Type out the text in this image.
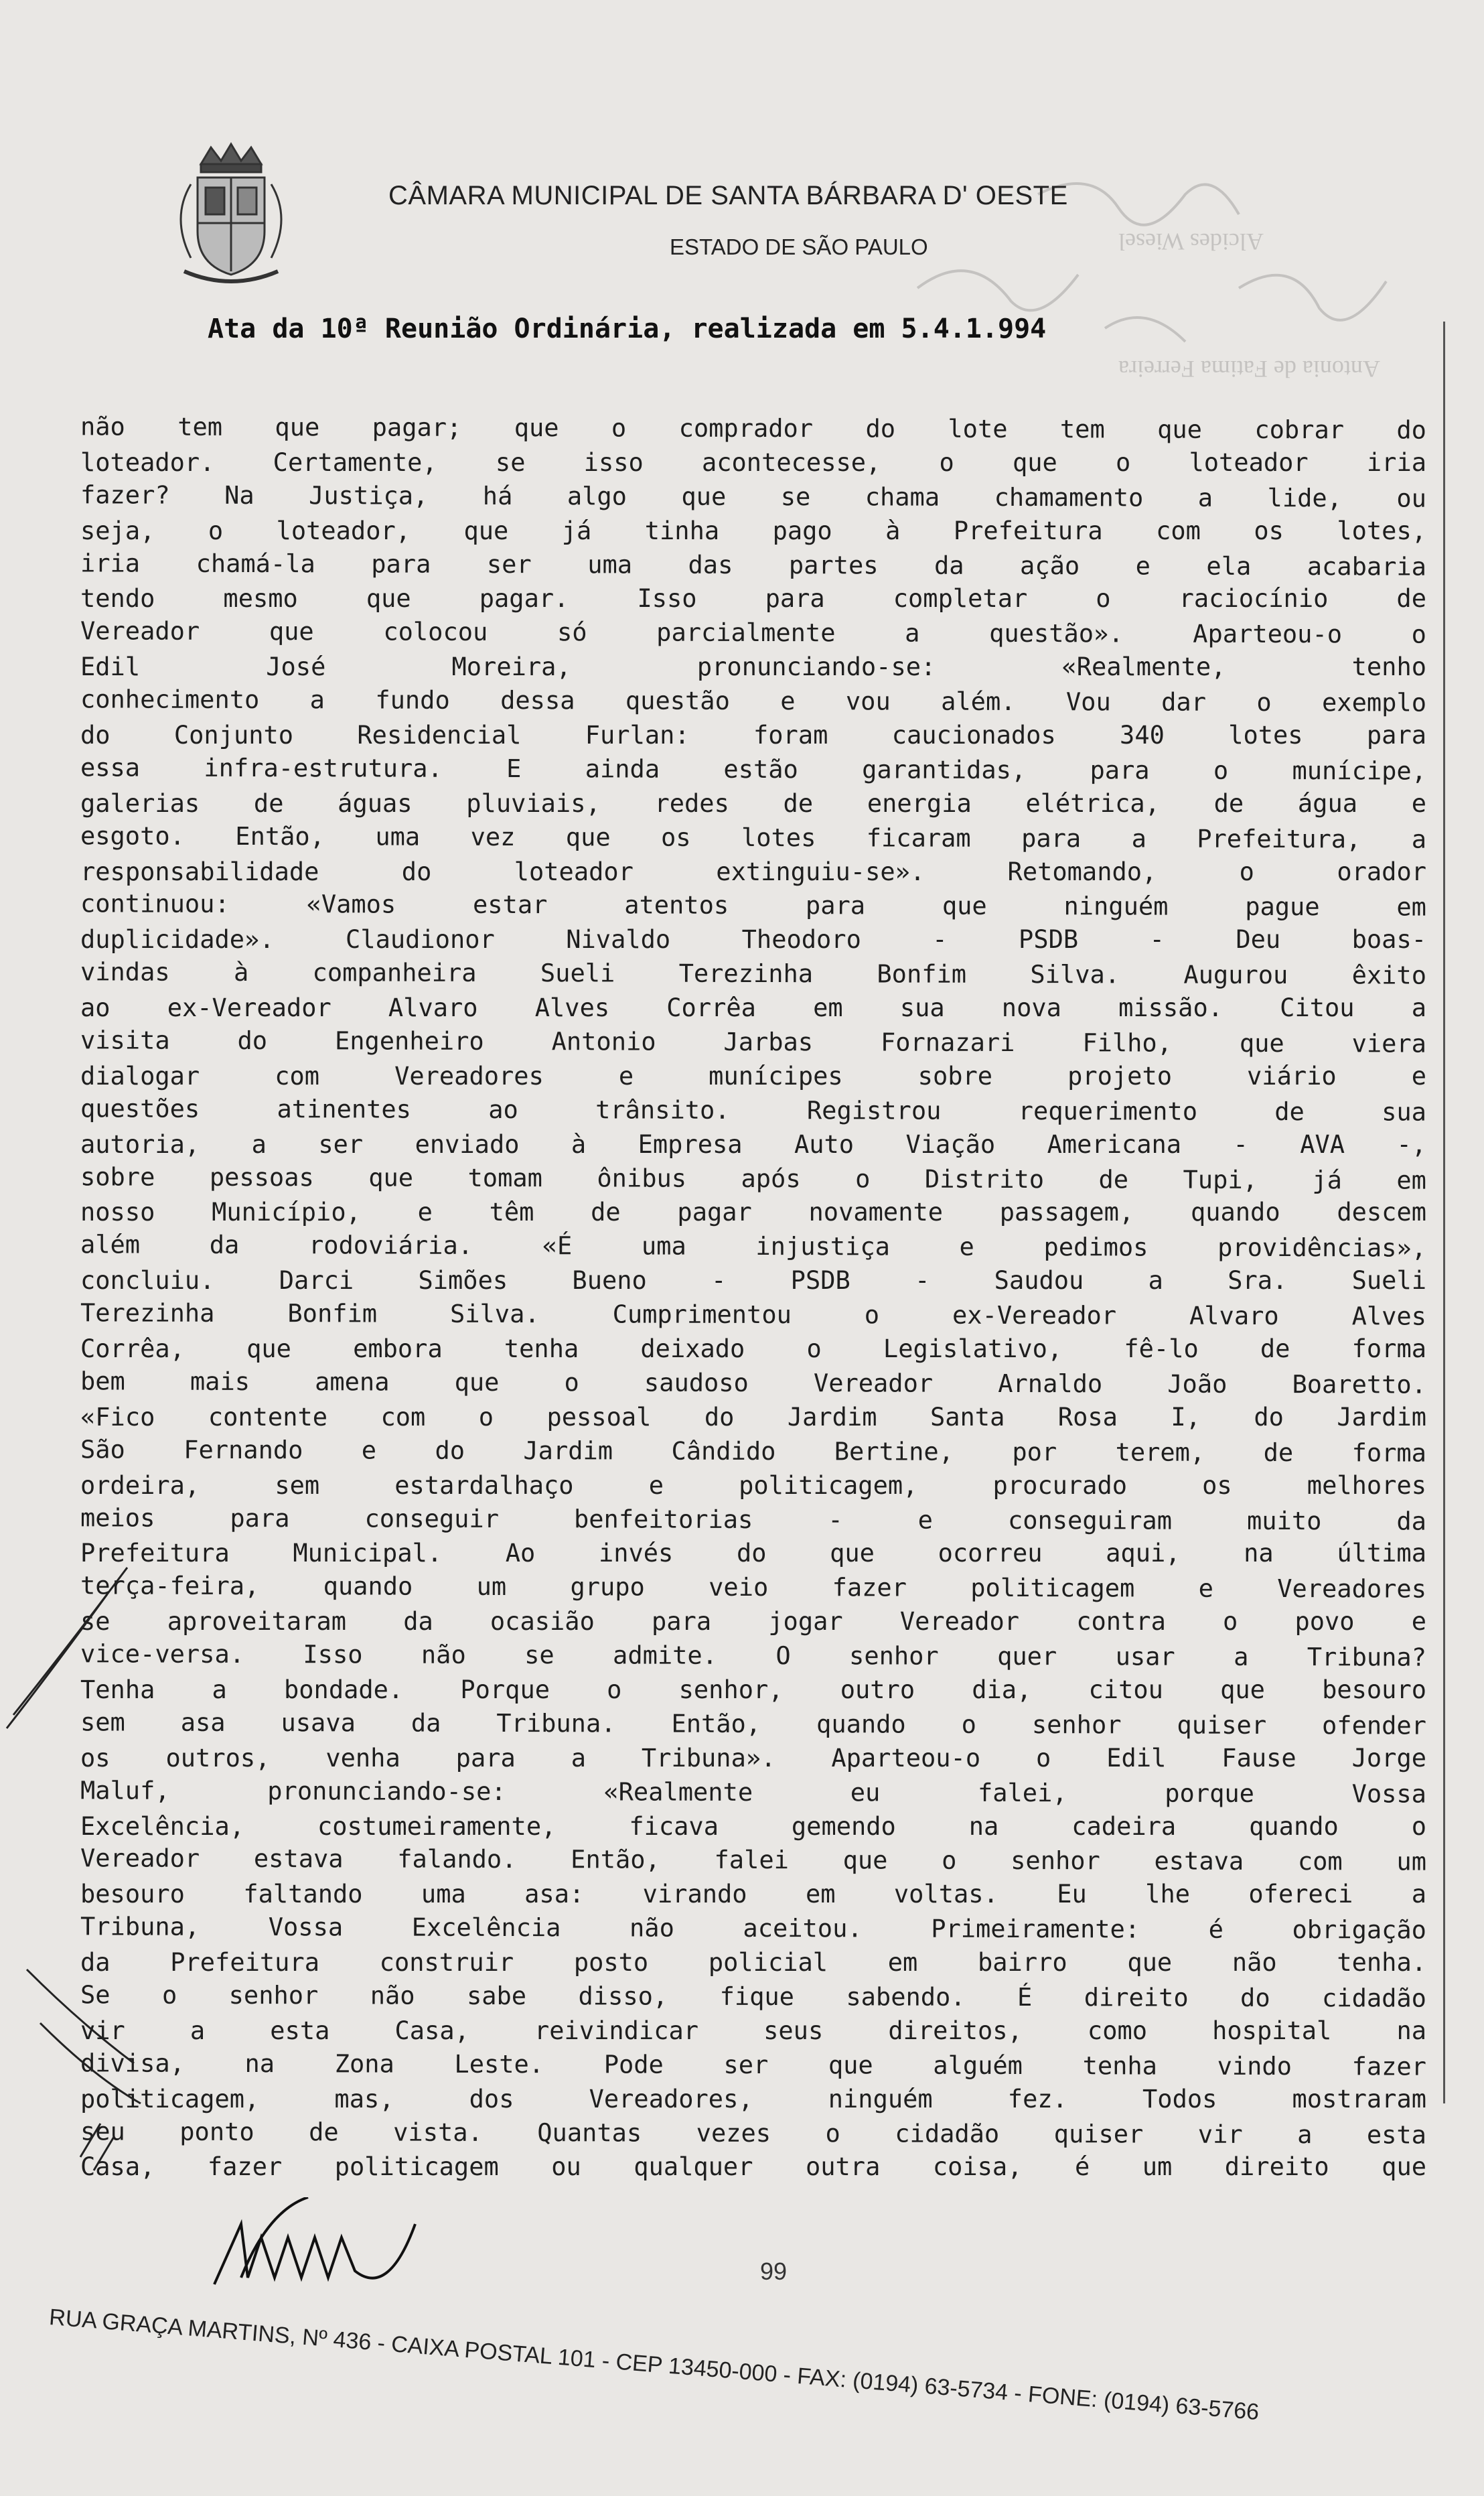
CÂMARA MUNICIPAL DE SANTA BÁRBARA D' OESTE
ESTADO DE SÃO PAULO	Alcides Wiesel
Antonia de Fatima Ferreira
Ata da 10ª Reunião Ordinária, realizada em 5.4.1.994
não tem que pagar; que o comprador do lote tem que cobrar do
loteador. Certamente, se isso acontecesse, o que o loteador iria
fazer? Na Justiça, há algo que se chama chamamento a lide, ou
seja, o loteador, que já tinha pago à Prefeitura com os lotes,
iria chamá-la para ser uma das partes da ação e ela acabaria
tendo mesmo que pagar. Isso para completar o raciocínio de
Vereador que colocou só parcialmente a questão». Aparteou-o o
Edil José Moreira, pronunciando-se: «Realmente, tenho
conhecimento a fundo dessa questão e vou além. Vou dar o exemplo
do Conjunto Residencial Furlan: foram caucionados 340 lotes para
essa infra-estrutura. E ainda estão garantidas, para o munícipe,
galerias de águas pluviais, redes de energia elétrica, de água e
esgoto. Então, uma vez que os lotes ficaram para a Prefeitura, a
responsabilidade do loteador extinguiu-se». Retomando, o orador
continuou: «Vamos estar atentos para que ninguém pague em
duplicidade». Claudionor Nivaldo Theodoro - PSDB - Deu boas-
vindas à companheira Sueli Terezinha Bonfim Silva. Augurou êxito
ao ex-Vereador Alvaro Alves Corrêa em sua nova missão. Citou a
visita do Engenheiro Antonio Jarbas Fornazari Filho, que viera
dialogar com Vereadores e munícipes sobre projeto viário e
questões atinentes ao trânsito. Registrou requerimento de sua
autoria, a ser enviado à Empresa Auto Viação Americana - AVA -,
sobre pessoas que tomam ônibus após o Distrito de Tupi, já em
nosso Município, e têm de pagar novamente passagem, quando descem
além da rodoviária. «É uma injustiça e pedimos providências»,
concluiu. Darci Simões Bueno - PSDB - Saudou a Sra. Sueli
Terezinha Bonfim Silva. Cumprimentou o ex-Vereador Alvaro Alves
Corrêa, que embora tenha deixado o Legislativo, fê-lo de forma
bem mais amena que o saudoso Vereador Arnaldo João Boaretto.
«Fico contente com o pessoal do Jardim Santa Rosa I, do Jardim
São Fernando e do Jardim Cândido Bertine, por terem, de forma
ordeira, sem estardalhaço e politicagem, procurado os melhores
meios para conseguir benfeitorias - e conseguiram muito da
Prefeitura Municipal. Ao invés do que ocorreu aqui, na última
terça-feira, quando um grupo veio fazer politicagem e Vereadores
se aproveitaram da ocasião para jogar Vereador contra o povo e
vice-versa. Isso não se admite. O senhor quer usar a Tribuna?
Tenha a bondade. Porque o senhor, outro dia, citou que besouro
sem asa usava da Tribuna. Então, quando o senhor quiser ofender
os outros, venha para a Tribuna». Aparteou-o o Edil Fause Jorge
Maluf, pronunciando-se: «Realmente eu falei, porque Vossa
Excelência, costumeiramente, ficava gemendo na cadeira quando o
Vereador estava falando. Então, falei que o senhor estava com um
besouro faltando uma asa: virando em voltas. Eu lhe ofereci a
Tribuna, Vossa Excelência não aceitou. Primeiramente: é obrigação
da Prefeitura construir posto policial em bairro que não tenha.
Se o senhor não sabe disso, fique sabendo. É direito do cidadão
vir a esta Casa, reivindicar seus direitos, como hospital na
divisa, na Zona Leste. Pode ser que alguém tenha vindo fazer
politicagem, mas, dos Vereadores, ninguém fez. Todos mostraram
seu ponto de vista. Quantas vezes o cidadão quiser vir a esta
Casa, fazer politicagem ou qualquer outra coisa, é um direito que
99
RUA GRAÇA MARTINS, Nº 436 - CAIXA POSTAL 101 - CEP 13450-000 - FAX: (0194) 63-5734 - FONE: (0194) 63-5766
